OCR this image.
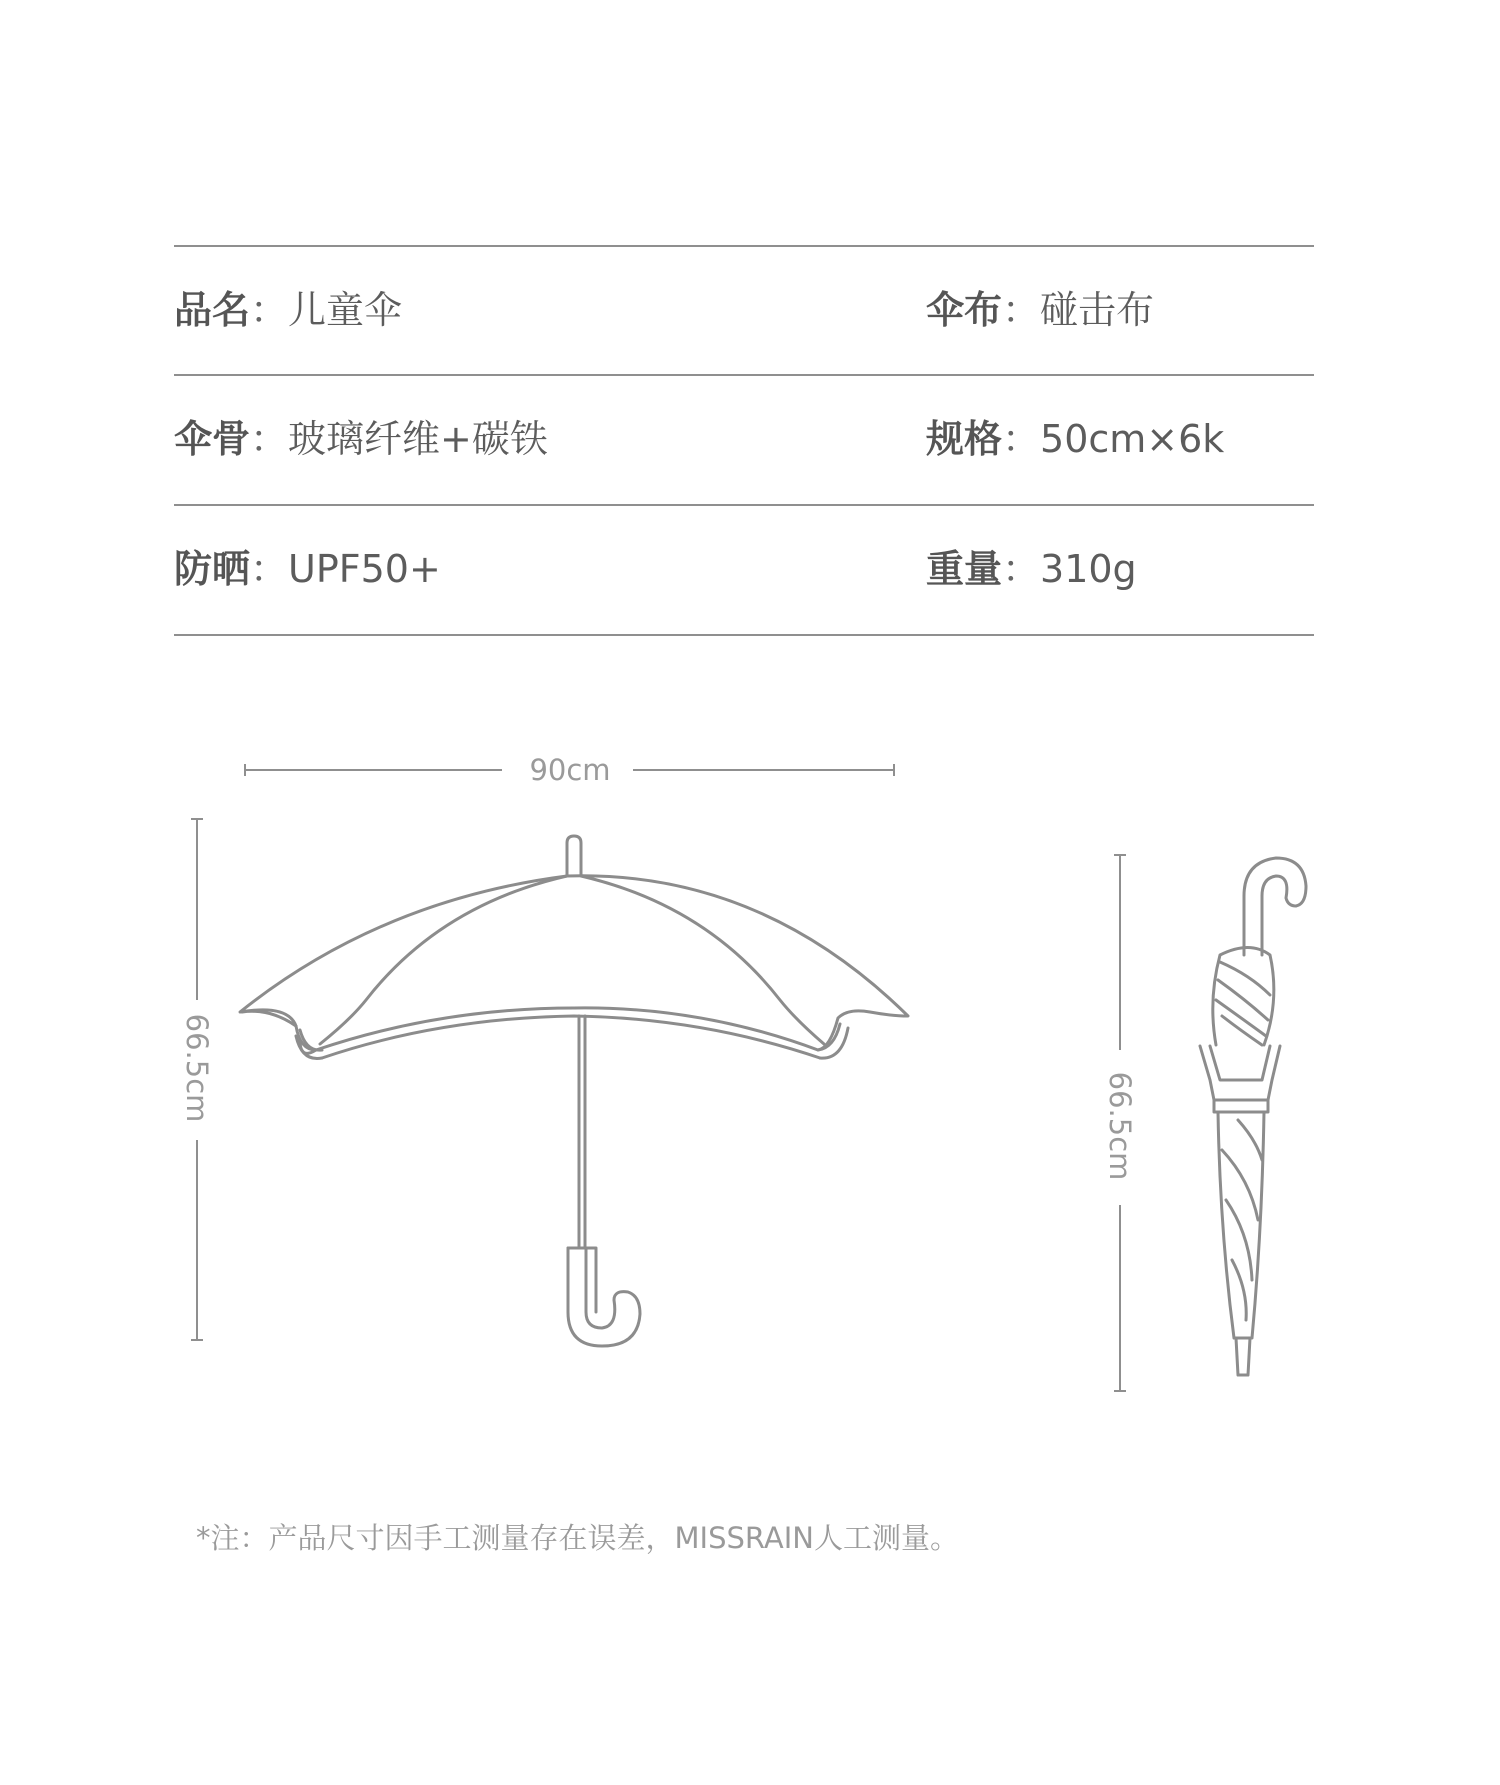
品名：儿童伞	伞布：碰击布
伞骨：玻璃纤维+碳铁	规格：50cm×6k
防晒：UPF50+	重量：310g
90cm
66.5cm
66.5cm
*注：产品尺寸因手工测量存在误差，MISSRAIN人工测量。
